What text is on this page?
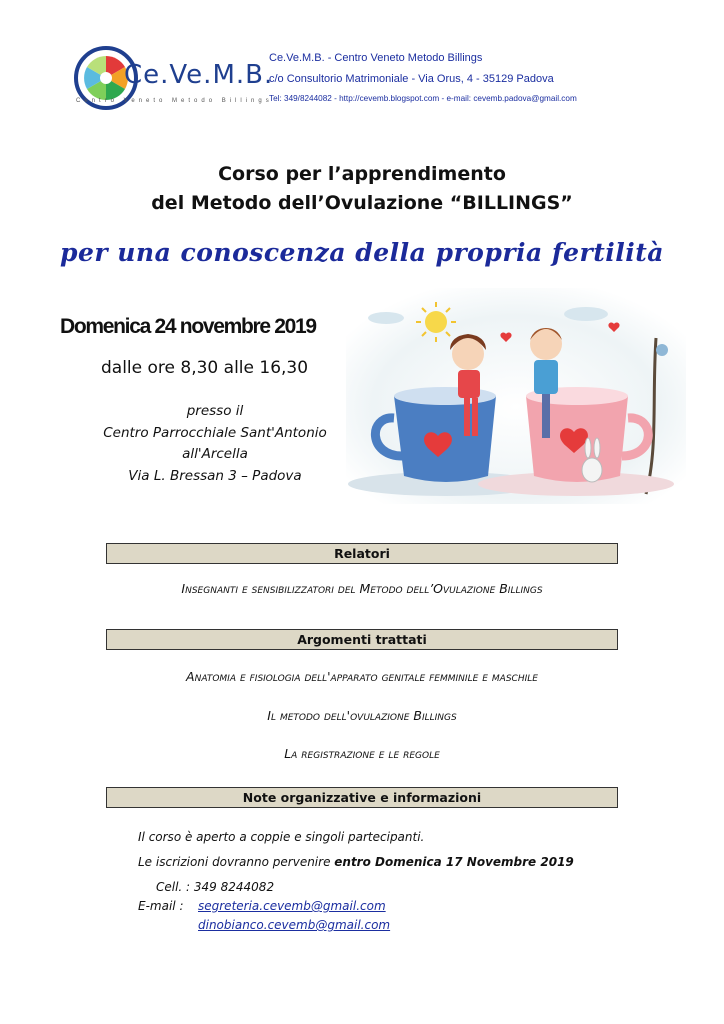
Ce.Ve.M.B.
Centro Veneto Metodo Billings
Ce.Ve.M.B. - Centro Veneto Metodo Billings
c/o Consultorio Matrimoniale - Via Orus, 4 - 35129 Padova
Tel: 349/8244082 - http://cevemb.blogspot.com - e-mail: cevemb.padova@gmail.com
Corso per l’apprendimento
del Metodo dell’Ovulazione “BILLINGS”
per una conoscenza della propria fertilità
Domenica 24 novembre 2019
dalle ore 8,30 alle 16,30
presso il
Centro Parrocchiale Sant'Antonio
all'Arcella
Via L. Bressan 3 – Padova
Relatori
Insegnanti e sensibilizzatori del Metodo dell’Ovulazione Billings
Argomenti trattati
Anatomia e fisiologia dell'apparato genitale femminile e maschile
Il metodo dell'ovulazione Billings
La registrazione e le regole
Note organizzative e informazioni
Il corso è aperto a coppie e singoli partecipanti.
Le iscrizioni dovranno pervenire entro Domenica 17 Novembre 2019
Cell. : 349 8244082
E-mail : segreteria.cevemb@gmail.com
dinobianco.cevemb@gmail.com
